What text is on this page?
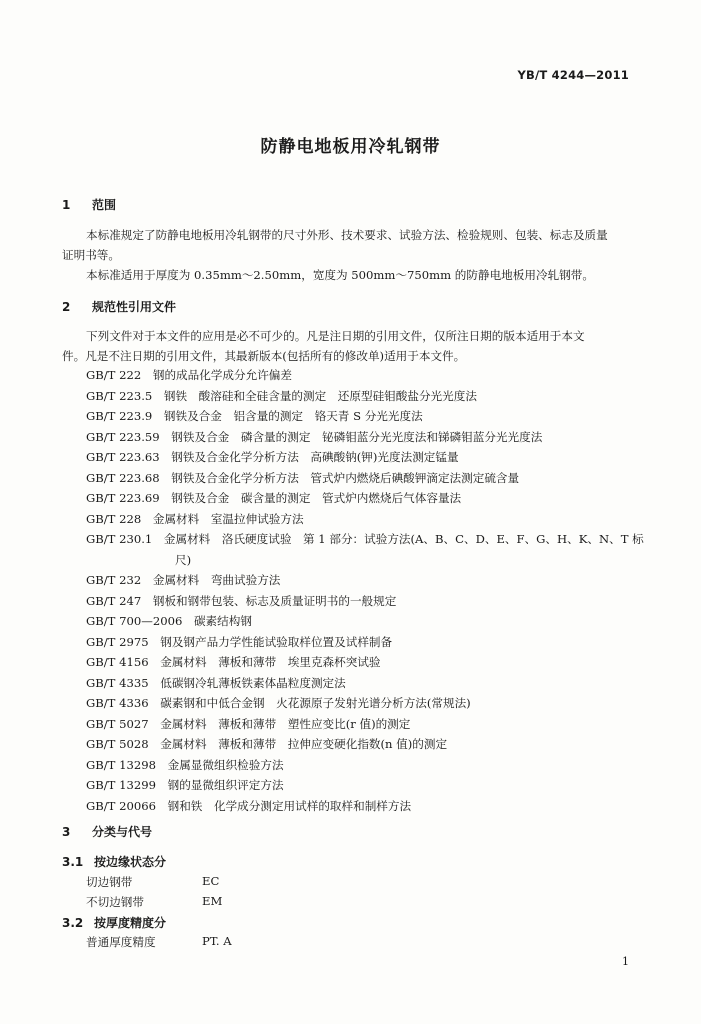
YB/T 4244—2011
防静电地板用冷轧钢带
1 范围
本标准规定了防静电地板用冷轧钢带的尺寸外形、技术要求、试验方法、检验规则、包装、标志及质量
证明书等。
本标准适用于厚度为 0.35mm～2.50mm，宽度为 500mm～750mm 的防静电地板用冷轧钢带。
2 规范性引用文件
下列文件对于本文件的应用是必不可少的。凡是注日期的引用文件，仅所注日期的版本适用于本文
件。凡是不注日期的引用文件，其最新版本(包括所有的修改单)适用于本文件。
GB/T 222  钢的成品化学成分允许偏差
GB/T 223.5  钢铁　酸溶硅和全硅含量的测定　还原型硅钼酸盐分光光度法
GB/T 223.9  钢铁及合金　铝含量的测定　铬天青 S 分光光度法
GB/T 223.59  钢铁及合金　磷含量的测定　铋磷钼蓝分光光度法和锑磷钼蓝分光光度法
GB/T 223.63  钢铁及合金化学分析方法　高碘酸钠(钾)光度法测定锰量
GB/T 223.68  钢铁及合金化学分析方法　管式炉内燃烧后碘酸钾滴定法测定硫含量
GB/T 223.69  钢铁及合金　碳含量的测定　管式炉内燃烧后气体容量法
GB/T 228  金属材料　室温拉伸试验方法
GB/T 230.1  金属材料　洛氏硬度试验　第 1 部分：试验方法(A、B、C、D、E、F、G、H、K、N、T 标
尺)
GB/T 232  金属材料　弯曲试验方法
GB/T 247  钢板和钢带包装、标志及质量证明书的一般规定
GB/T 700—2006  碳素结构钢
GB/T 2975  钢及钢产品力学性能试验取样位置及试样制备
GB/T 4156  金属材料　薄板和薄带　埃里克森杯突试验
GB/T 4335  低碳钢冷轧薄板铁素体晶粒度测定法
GB/T 4336  碳素钢和中低合金钢　火花源原子发射光谱分析方法(常规法)
GB/T 5027  金属材料　薄板和薄带　塑性应变比(r 值)的测定
GB/T 5028  金属材料　薄板和薄带　拉伸应变硬化指数(n 值)的测定
GB/T 13298  金属显微组织检验方法
GB/T 13299  钢的显微组织评定方法
GB/T 20066  钢和铁　化学成分测定用试样的取样和制样方法
3 分类与代号
3.1 按边缘状态分
切边钢带	EC
不切边钢带	EM
3.2 按厚度精度分
普通厚度精度	PT. A
1
